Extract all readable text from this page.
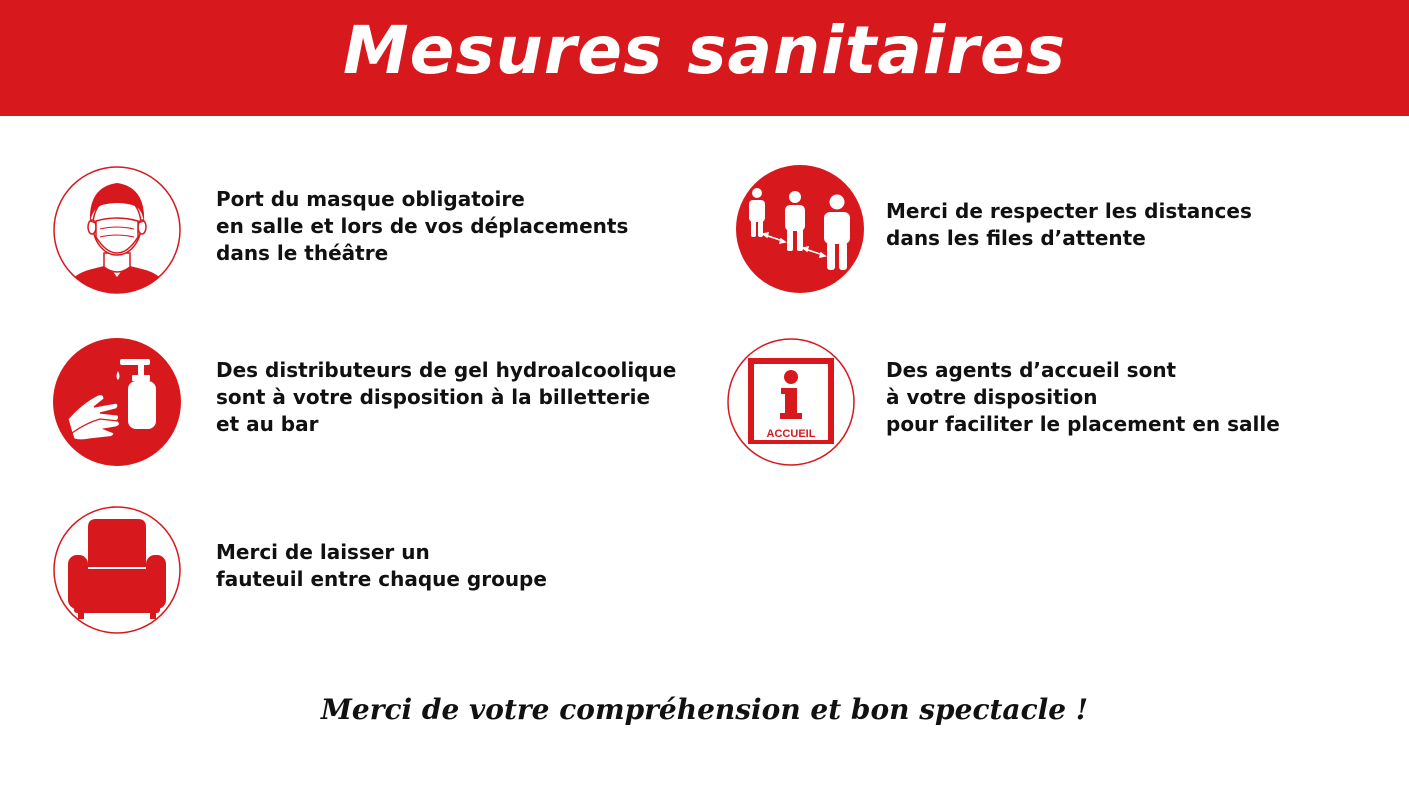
Mesures sanitaires
Port du masque obligatoire
en salle et lors de vos déplacements
dans le théâtre
Merci de respecter les distances
dans les files d’attente
Des distributeurs de gel hydroalcoolique
sont à votre disposition à la billetterie
et au bar	ACCUEIL
Des agents d’accueil sont
à votre disposition
pour faciliter le placement en salle
Merci de laisser un
fauteuil entre chaque groupe
Merci de votre compréhension et bon spectacle !
